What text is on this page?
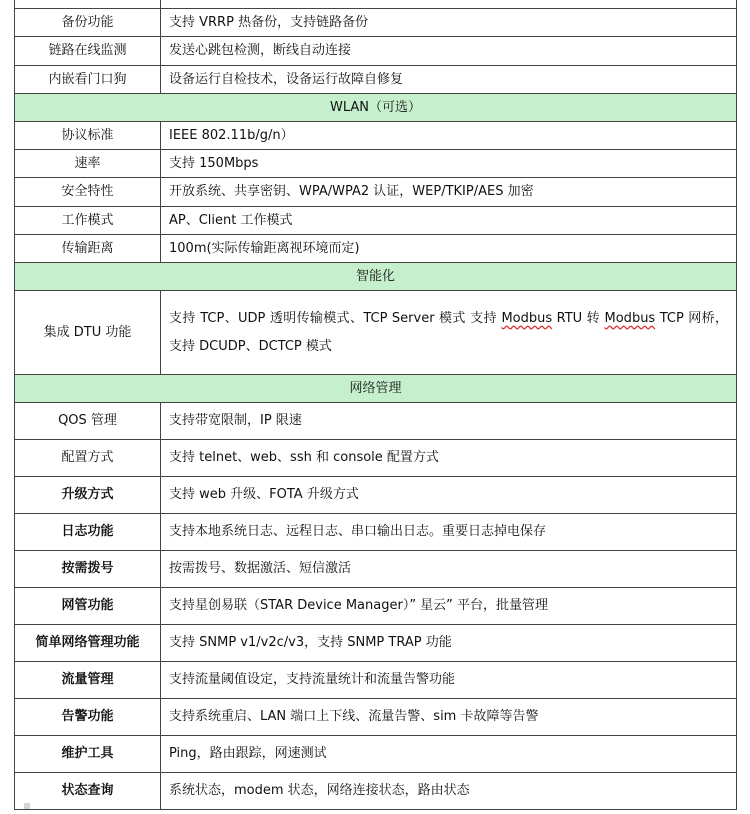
备份功能	支持 VRRP 热备份，支持链路备份
链路在线监测	发送心跳包检测，断线自动连接
内嵌看门口狗	设备运行自检技术，设备运行故障自修复
WLAN（可选）	
协议标准	IEEE 802.11b/g/n）
速率	支持 150Mbps
安全特性	开放系统、共享密钥、WPA/WPA2 认证，WEP/TKIP/AES 加密
工作模式	AP、Client 工作模式
传输距离	100m(实际传输距离视环境而定)
智能化	
集成 DTU 功能	支持 TCP、UDP 透明传输模式、TCP Server 模式 支持 Modbus RTU 转 Modbus TCP 网桥，支持 DCUDP、DCTCP 模式
网络管理	
QOS 管理	支持带宽限制，IP 限速
配置方式	支持 telnet、web、ssh 和 console 配置方式
升级方式	支持 web 升级、FOTA 升级方式
日志功能	支持本地系统日志、远程日志、串口输出日志。重要日志掉电保存
按需拨号	按需拨号、数据激活、短信激活
网管功能	支持星创易联（STAR Device Manager）” 星云” 平台，批量管理
简单网络管理功能	支持 SNMP v1/v2c/v3，支持 SNMP TRAP 功能
流量管理	支持流量阈值设定，支持流量统计和流量告警功能
告警功能	支持系统重启、LAN 端口上下线、流量告警、sim 卡故障等告警
维护工具	Ping，路由跟踪，网速测试
状态查询	系统状态，modem 状态，网络连接状态，路由状态
